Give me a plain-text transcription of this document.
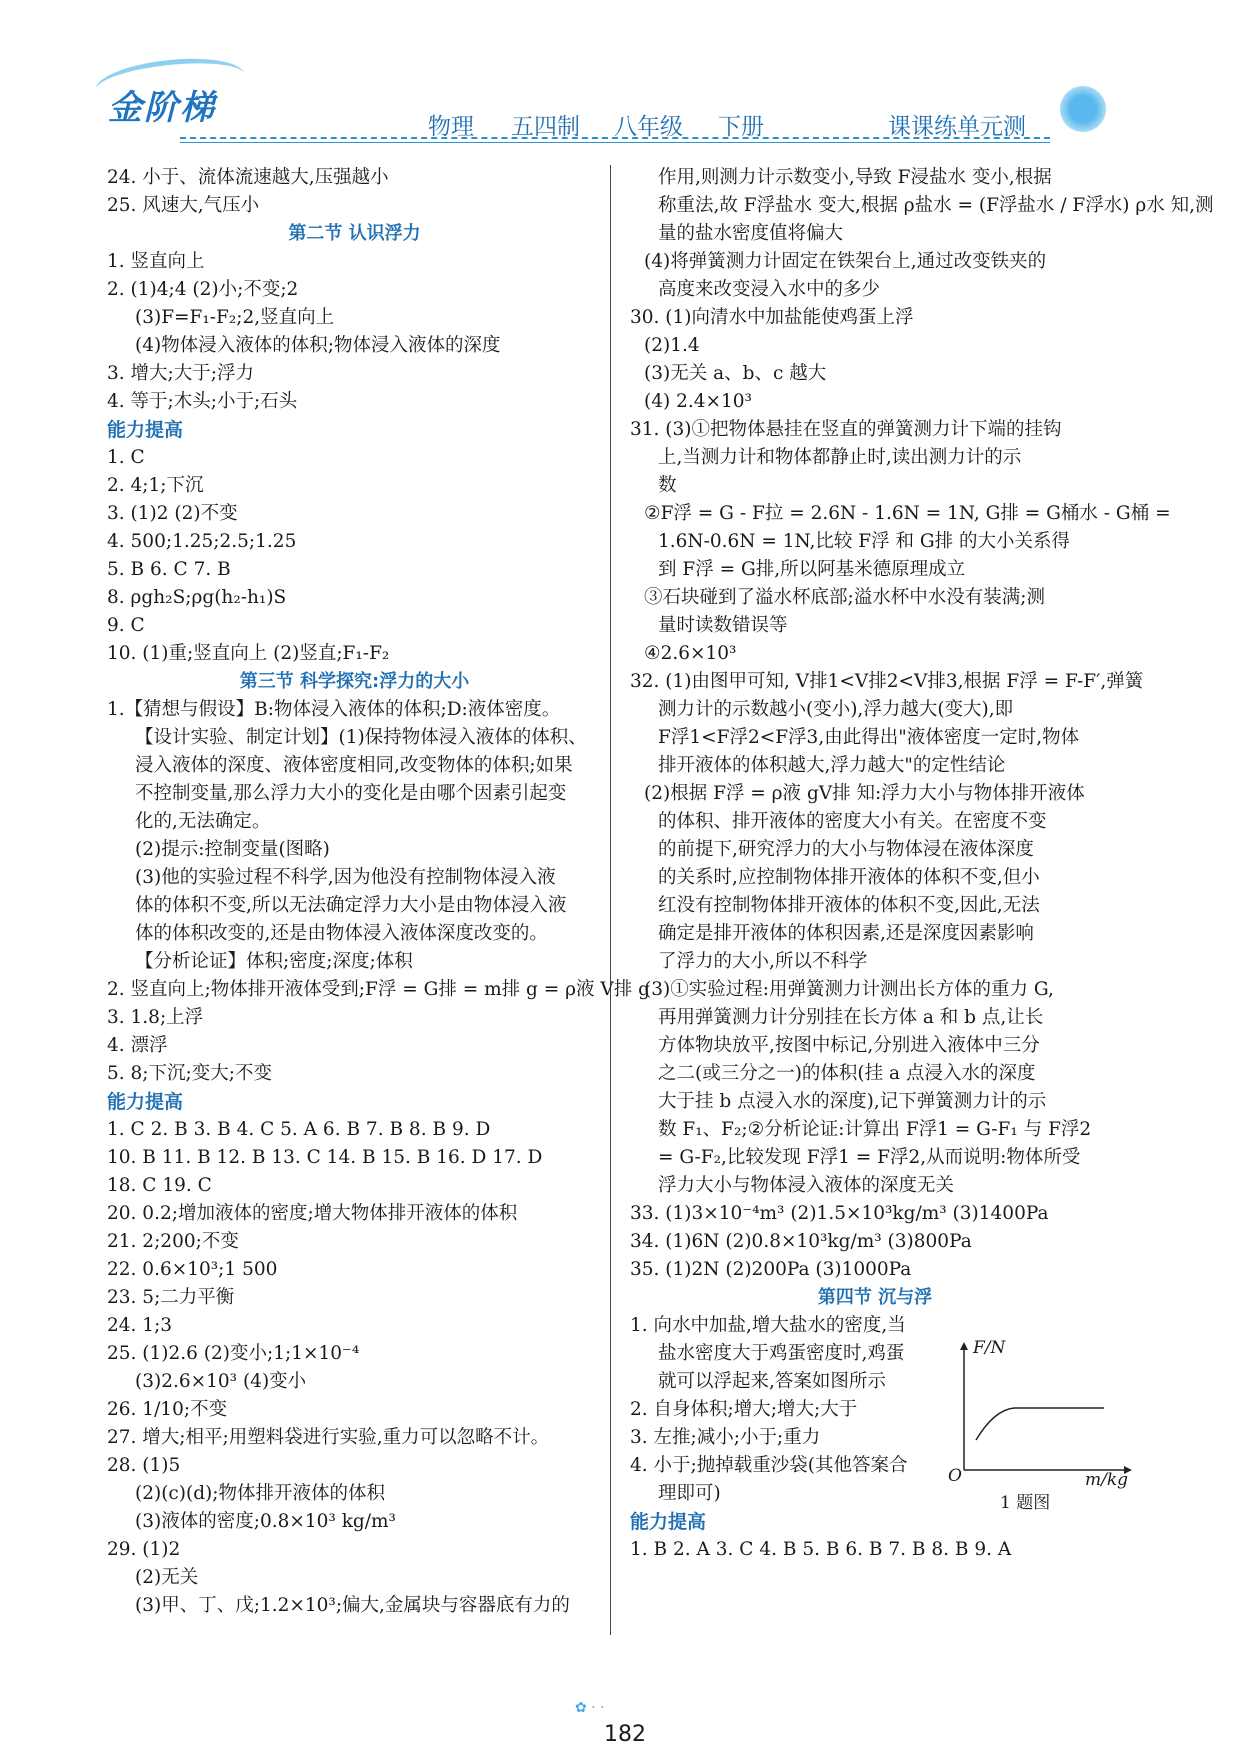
金阶梯	物理 五四制 八年级 下册	课课练单元测
24. 小于、流体流速越大,压强越小
25. 风速大,气压小
第二节 认识浮力
1. 竖直向上
2. (1)4;4 (2)小;不变;2
(3)F=F₁-F₂;2,竖直向上
(4)物体浸入液体的体积;物体浸入液体的深度
3. 增大;大于;浮力
4. 等于;木头;小于;石头
能力提高
1. C
2. 4;1;下沉
3. (1)2 (2)不变
4. 500;1.25;2.5;1.25
5. B 6. C 7. B
8. ρgh₂S;ρg(h₂-h₁)S
9. C
10. (1)重;竖直向上 (2)竖直;F₁-F₂
第三节 科学探究:浮力的大小
1.【猜想与假设】B:物体浸入液体的体积;D:液体密度。
【设计实验、制定计划】(1)保持物体浸入液体的体积、
浸入液体的深度、液体密度相同,改变物体的体积;如果
不控制变量,那么浮力大小的变化是由哪个因素引起变
化的,无法确定。
(2)提示:控制变量(图略)
(3)他的实验过程不科学,因为他没有控制物体浸入液
体的体积不变,所以无法确定浮力大小是由物体浸入液
体的体积改变的,还是由物体浸入液体深度改变的。
【分析论证】体积;密度;深度;体积
2. 竖直向上;物体排开液体受到;F浮 = G排 = m排 g = ρ液 V排 g
3. 1.8;上浮
4. 漂浮
5. 8;下沉;变大;不变
能力提高
1. C 2. B 3. B 4. C 5. A 6. B 7. B 8. B 9. D
10. B 11. B 12. B 13. C 14. B 15. B 16. D 17. D
18. C 19. C
20. 0.2;增加液体的密度;增大物体排开液体的体积
21. 2;200;不变
22. 0.6×10³;1 500
23. 5;二力平衡
24. 1;3
25. (1)2.6 (2)变小;1;1×10⁻⁴
(3)2.6×10³ (4)变小
26. 1/10;不变
27. 增大;相平;用塑料袋进行实验,重力可以忽略不计。
28. (1)5
(2)(c)(d);物体排开液体的体积
(3)液体的密度;0.8×10³ kg/m³
29. (1)2
(2)无关
(3)甲、丁、戊;1.2×10³;偏大,金属块与容器底有力的
作用,则测力计示数变小,导致 F浸盐水 变小,根据
称重法,故 F浮盐水 变大,根据 ρ盐水 = (F浮盐水 / F浮水) ρ水 知,测
量的盐水密度值将偏大
(4)将弹簧测力计固定在铁架台上,通过改变铁夹的
高度来改变浸入水中的多少
30. (1)向清水中加盐能使鸡蛋上浮
(2)1.4
(3)无关 a、b、c 越大
(4) 2.4×10³
31. (3)①把物体悬挂在竖直的弹簧测力计下端的挂钩
上,当测力计和物体都静止时,读出测力计的示
数
②F浮 = G - F拉 = 2.6N - 1.6N = 1N, G排 = G桶水 - G桶 =
1.6N-0.6N = 1N,比较 F浮 和 G排 的大小关系得
到 F浮 = G排,所以阿基米德原理成立
③石块碰到了溢水杯底部;溢水杯中水没有装满;测
量时读数错误等
④2.6×10³
32. (1)由图甲可知, V排1<V排2<V排3,根据 F浮 = F-F′,弹簧
测力计的示数越小(变小),浮力越大(变大),即
F浮1<F浮2<F浮3,由此得出"液体密度一定时,物体
排开液体的体积越大,浮力越大"的定性结论
(2)根据 F浮 = ρ液 gV排 知:浮力大小与物体排开液体
的体积、排开液体的密度大小有关。在密度不变
的前提下,研究浮力的大小与物体浸在液体深度
的关系时,应控制物体排开液体的体积不变,但小
红没有控制物体排开液体的体积不变,因此,无法
确定是排开液体的体积因素,还是深度因素影响
了浮力的大小,所以不科学
(3)①实验过程:用弹簧测力计测出长方体的重力 G,
再用弹簧测力计分别挂在长方体 a 和 b 点,让长
方体物块放平,按图中标记,分别进入液体中三分
之二(或三分之一)的体积(挂 a 点浸入水的深度
大于挂 b 点浸入水的深度),记下弹簧测力计的示
数 F₁、F₂;②分析论证:计算出 F浮1 = G-F₁ 与 F浮2
= G-F₂,比较发现 F浮1 = F浮2,从而说明:物体所受
浮力大小与物体浸入液体的深度无关
33. (1)3×10⁻⁴m³ (2)1.5×10³kg/m³ (3)1400Pa
34. (1)6N (2)0.8×10³kg/m³ (3)800Pa
35. (1)2N (2)200Pa (3)1000Pa
第四节 沉与浮
1. 向水中加盐,增大盐水的密度,当
盐水密度大于鸡蛋密度时,鸡蛋
就可以浮起来,答案如图所示
2. 自身体积;增大;增大;大于
3. 左推;减小;小于;重力
4. 小于;抛掉载重沙袋(其他答案合
理即可)
能力提高
1. B 2. A 3. C 4. B 5. B 6. B 7. B 8. B 9. A
F/N
m/kg
O
1 题图
✿ · ·
182
